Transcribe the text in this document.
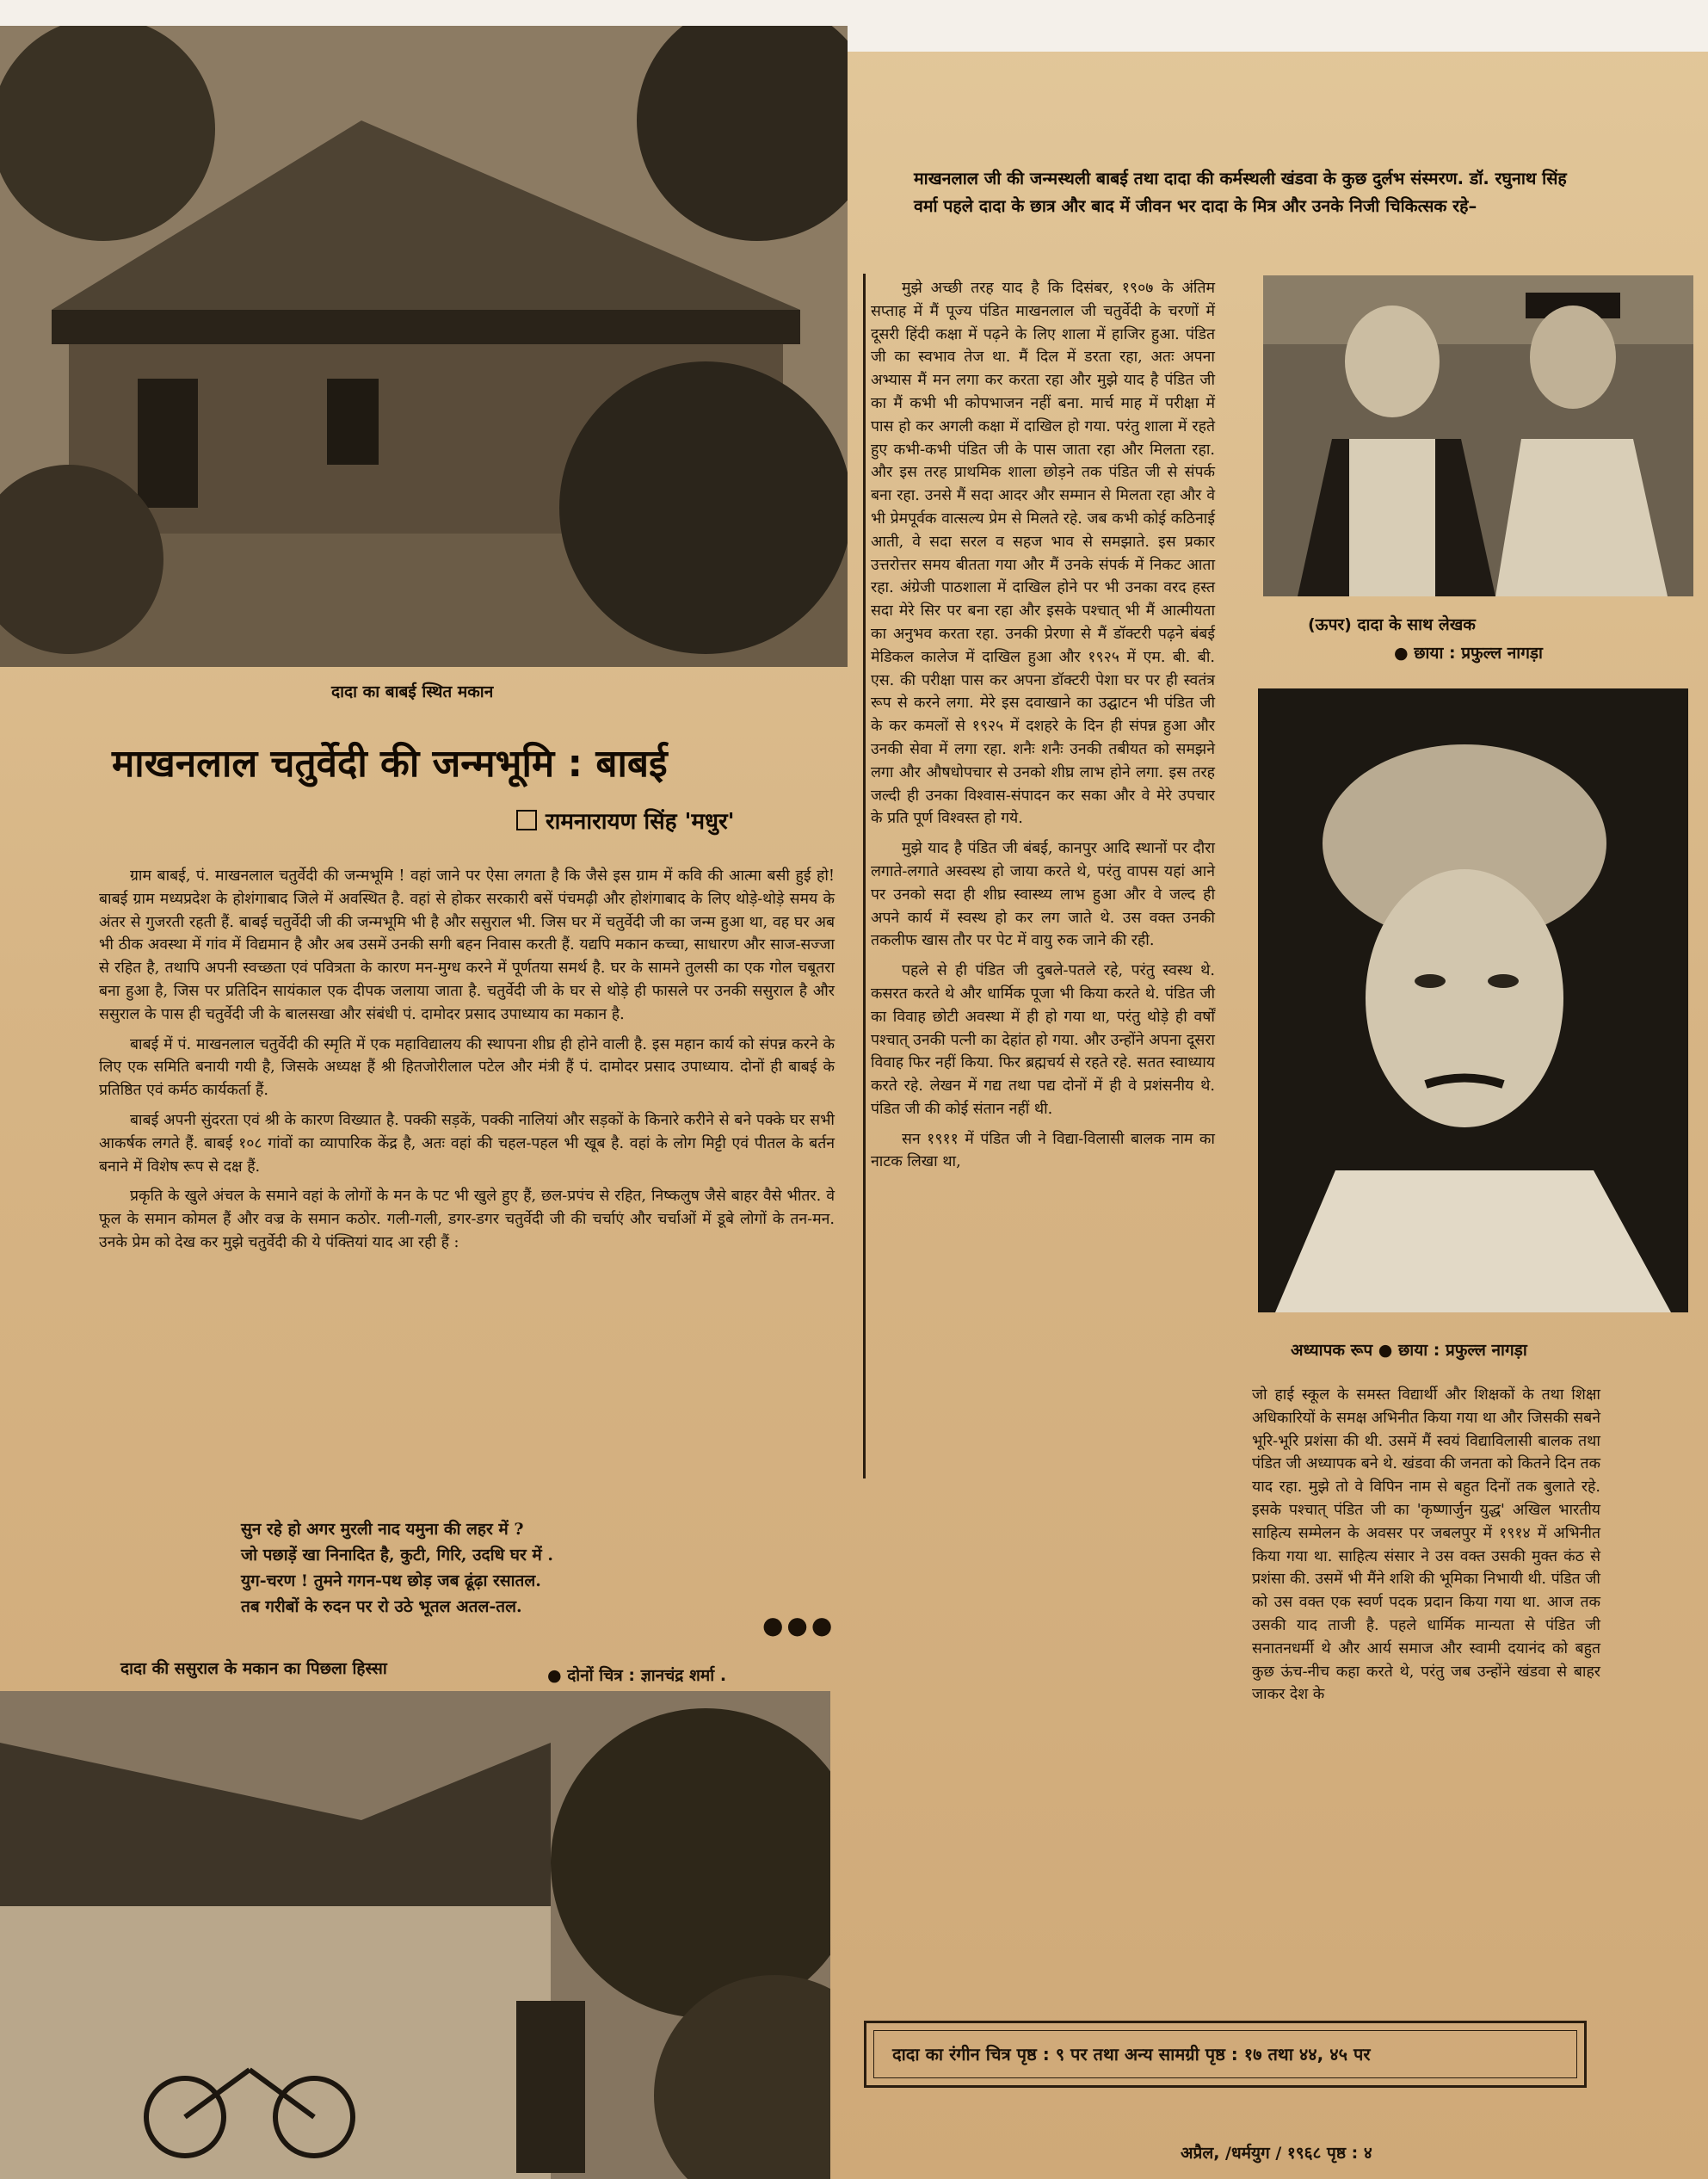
दादा का बाबई स्थित मकान
माखनलाल चतुर्वेदी की जन्मभूमि : बाबई
रामनारायण सिंह 'मधुर'

ग्राम बाबई, पं. माखनलाल चतुर्वेदी की जन्मभूमि ! वहां जाने पर ऐसा लगता है कि जैसे इस ग्राम में कवि की आत्मा बसी हुई हो! बाबई ग्राम मध्यप्रदेश के होशंगाबाद जिले में अवस्थित है. वहां से होकर सरकारी बसें पंचमढ़ी और होशंगाबाद के लिए थोड़े-थोड़े समय के अंतर से गुजरती रहती हैं. बाबई चतुर्वेदी जी की जन्मभूमि भी है और ससुराल भी. जिस घर में चतुर्वेदी जी का जन्म हुआ था, वह घर अब भी ठीक अवस्था में गांव में विद्यमान है और अब उसमें उनकी सगी बहन निवास करती हैं. यद्यपि मकान कच्चा, साधारण और साज-सज्जा से रहित है, तथापि अपनी स्वच्छता एवं पवित्रता के कारण मन-मुग्ध करने में पूर्णतया समर्थ है. घर के सामने तुलसी का एक गोल चबूतरा बना हुआ है, जिस पर प्रतिदिन सायंकाल एक दीपक जलाया जाता है. चतुर्वेदी जी के घर से थोड़े ही फासले पर उनकी ससुराल है और ससुराल के पास ही चतुर्वेदी जी के बालसखा और संबंधी पं. दामोदर प्रसाद उपाध्याय का मकान है.

बाबई में पं. माखनलाल चतुर्वेदी की स्मृति में एक महाविद्यालय की स्थापना शीघ्र ही होने वाली है. इस महान कार्य को संपन्न करने के लिए एक समिति बनायी गयी है, जिसके अध्यक्ष हैं श्री हितजोरीलाल पटेल और मंत्री हैं पं. दामोदर प्रसाद उपाध्याय. दोनों ही बाबई के प्रतिष्ठित एवं कर्मठ कार्यकर्ता हैं.

बाबई अपनी सुंदरता एवं श्री के कारण विख्यात है. पक्की सड़कें, पक्की नालियां और सड़कों के किनारे करीने से बने पक्के घर सभी आकर्षक लगते हैं. बाबई १०८ गांवों का व्यापारिक केंद्र है, अतः वहां की चहल-पहल भी खूब है. वहां के लोग मिट्टी एवं पीतल के बर्तन बनाने में विशेष रूप से दक्ष हैं.

प्रकृति के खुले अंचल के समाने वहां के लोगों के मन के पट भी खुले हुए हैं, छल-प्रपंच से रहित, निष्कलुष जैसे बाहर वैसे भीतर. वे फूल के समान कोमल हैं और वज्र के समान कठोर. गली-गली, डगर-डगर चतुर्वेदी जी की चर्चाएं और चर्चाओं में डूबे लोगों के तन-मन. उनके प्रेम को देख कर मुझे चतुर्वेदी की ये पंक्तियां याद आ रही हैं :

सुन रहे हो अगर मुरली नाद यमुना की लहर में ?
जो पछाड़ें खा निनादित है, कुटी, गिरि, उदधि घर में .
युग-चरण ! तुमने गगन-पथ छोड़ जब ढूंढ़ा रसातल.
तब गरीबों के रुदन पर रो उठे भूतल अतल-तल.
●●●
दादा की ससुराल के मकान का पिछला हिस्सा	● दोनों चित्र : ज्ञानचंद्र शर्मा .
माखनलाल जी की जन्मस्थली बाबई तथा दादा की कर्मस्थली खंडवा के कुछ दुर्लभ संस्मरण. डॉ. रघुनाथ सिंह वर्मा पहले दादा के छात्र और बाद में जीवन भर दादा के मित्र और उनके निजी चिकित्सक रहे–

मुझे अच्छी तरह याद है कि दिसंबर, १९०७ के अंतिम सप्ताह में मैं पूज्य पंडित माखनलाल जी चतुर्वेदी के चरणों में दूसरी हिंदी कक्षा में पढ़ने के लिए शाला में हाजिर हुआ. पंडित जी का स्वभाव तेज था. मैं दिल में डरता रहा, अतः अपना अभ्यास मैं मन लगा कर करता रहा और मुझे याद है पंडित जी का मैं कभी भी कोपभाजन नहीं बना. मार्च माह में परीक्षा में पास हो कर अगली कक्षा में दाखिल हो गया. परंतु शाला में रहते हुए कभी-कभी पंडित जी के पास जाता रहा और मिलता रहा. और इस तरह प्राथमिक शाला छोड़ने तक पंडित जी से संपर्क बना रहा. उनसे मैं सदा आदर और सम्मान से मिलता रहा और वे भी प्रेमपूर्वक वात्सल्य प्रेम से मिलते रहे. जब कभी कोई कठिनाई आती, वे सदा सरल व सहज भाव से समझाते. इस प्रकार उत्तरोत्तर समय बीतता गया और मैं उनके संपर्क में निकट आता रहा. अंग्रेजी पाठशाला में दाखिल होने पर भी उनका वरद हस्त सदा मेरे सिर पर बना रहा और इसके पश्चात् भी मैं आत्मीयता का अनुभव करता रहा. उनकी प्रेरणा से मैं डॉक्टरी पढ़ने बंबई मेडिकल कालेज में दाखिल हुआ और १९२५ में एम. बी. बी. एस. की परीक्षा पास कर अपना डॉक्टरी पेशा घर पर ही स्वतंत्र रूप से करने लगा. मेरे इस दवाखाने का उद्घाटन भी पंडित जी के कर कमलों से १९२५ में दशहरे के दिन ही संपन्न हुआ और उनकी सेवा में लगा रहा. शनैः शनैः उनकी तबीयत को समझने लगा और औषधोपचार से उनको शीघ्र लाभ होने लगा. इस तरह जल्दी ही उनका विश्वास-संपादन कर सका और वे मेरे उपचार के प्रति पूर्ण विश्वस्त हो गये.

मुझे याद है पंडित जी बंबई, कानपुर आदि स्थानों पर दौरा लगाते-लगाते अस्वस्थ हो जाया करते थे, परंतु वापस यहां आने पर उनको सदा ही शीघ्र स्वास्थ्य लाभ हुआ और वे जल्द ही अपने कार्य में स्वस्थ हो कर लग जाते थे. उस वक्त उनकी तकलीफ खास तौर पर पेट में वायु रुक जाने की रही.

पहले से ही पंडित जी दुबले-पतले रहे, परंतु स्वस्थ थे. कसरत करते थे और धार्मिक पूजा भी किया करते थे. पंडित जी का विवाह छोटी अवस्था में ही हो गया था, परंतु थोड़े ही वर्षों पश्चात् उनकी पत्नी का देहांत हो गया. और उन्होंने अपना दूसरा विवाह फिर नहीं किया. फिर ब्रह्मचर्य से रहते रहे. सतत स्वाध्याय करते रहे. लेखन में गद्य तथा पद्य दोनों में ही वे प्रशंसनीय थे. पंडित जी की कोई संतान नहीं थी.

सन १९११ में पंडित जी ने विद्या-विलासी बालक नाम का नाटक लिखा था,

(ऊपर) दादा के साथ लेखक
● छाया : प्रफुल्ल नागड़ा
अध्यापक रूप ● छाया : प्रफुल्ल नागड़ा

जो हाई स्कूल के समस्त विद्यार्थी और शिक्षकों के तथा शिक्षा अधिकारियों के समक्ष अभिनीत किया गया था और जिसकी सबने भूरि-भूरि प्रशंसा की थी. उसमें मैं स्वयं विद्याविलासी बालक तथा पंडित जी अध्यापक बने थे. खंडवा की जनता को कितने दिन तक याद रहा. मुझे तो वे विपिन नाम से बहुत दिनों तक बुलाते रहे. इसके पश्चात् पंडित जी का 'कृष्णार्जुन युद्ध' अखिल भारतीय साहित्य सम्मेलन के अवसर पर जबलपुर में १९१४ में अभिनीत किया गया था. साहित्य संसार ने उस वक्त उसकी मुक्त कंठ से प्रशंसा की. उसमें भी मैंने शशि की भूमिका निभायी थी. पंडित जी को उस वक्त एक स्वर्ण पदक प्रदान किया गया था. आज तक उसकी याद ताजी है. पहले धार्मिक मान्यता से पंडित जी सनातनधर्मी थे और आर्य समाज और स्वामी दयानंद को बहुत कुछ ऊंच-नीच कहा करते थे, परंतु जब उन्होंने खंडवा से बाहर जाकर देश के

दादा का रंगीन चित्र पृष्ठ : ९ पर तथा अन्य सामग्री पृष्ठ : १७ तथा ४४, ४५ पर
अप्रैल, /धर्मयुग / १९६८ पृष्ठ : ४
